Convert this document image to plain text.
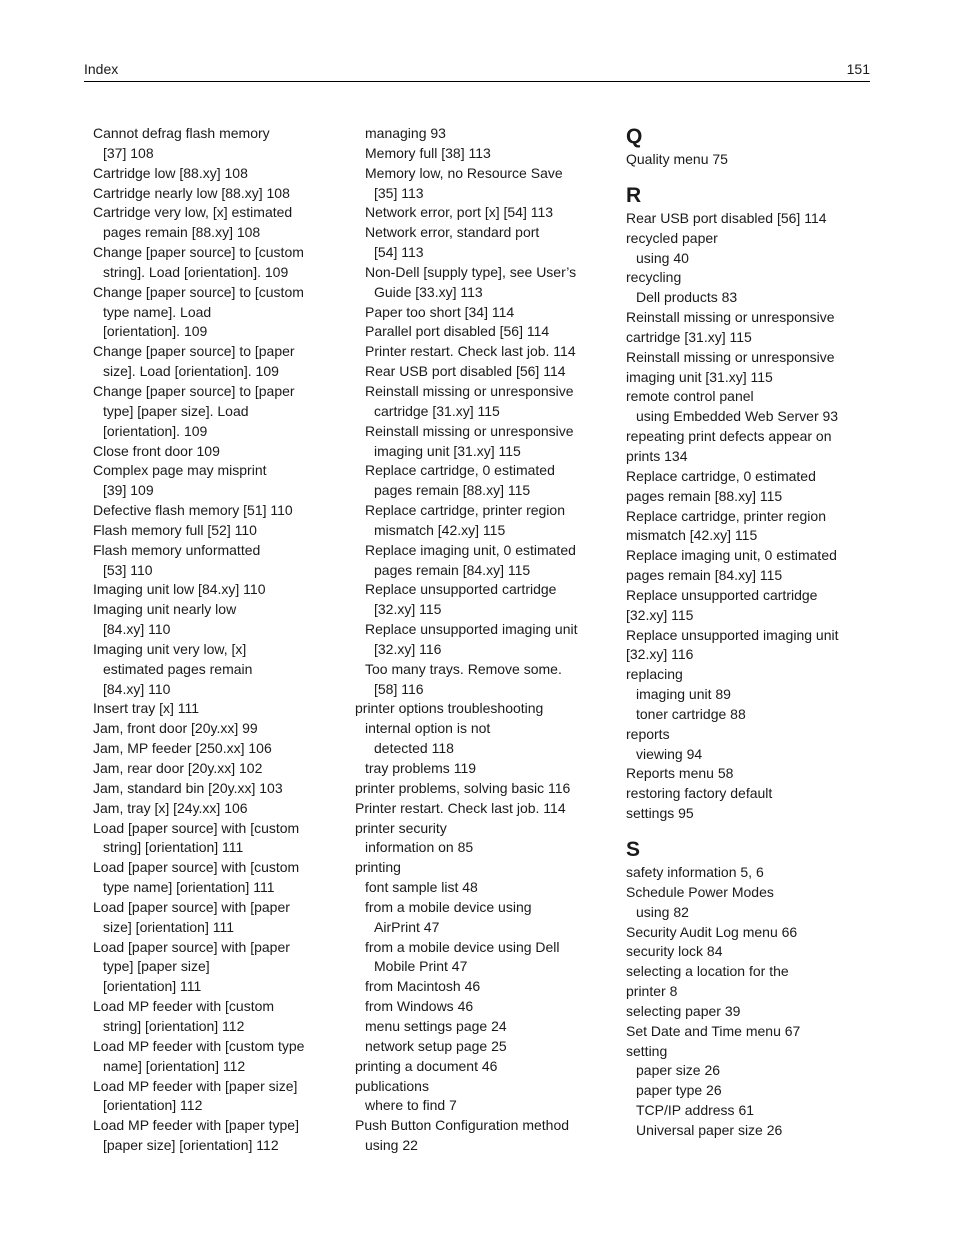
Index	151
Cannot defrag flash memory
[37] 108
Cartridge low [88.xy] 108
Cartridge nearly low [88.xy] 108
Cartridge very low, [x] estimated
pages remain [88.xy] 108
Change [paper source] to [custom
string]. Load [orientation]. 109
Change [paper source] to [custom
type name]. Load
[orientation]. 109
Change [paper source] to [paper
size]. Load [orientation]. 109
Change [paper source] to [paper
type] [paper size]. Load
[orientation]. 109
Close front door 109
Complex page may misprint
[39] 109
Defective flash memory [51] 110
Flash memory full [52] 110
Flash memory unformatted
[53] 110
Imaging unit low [84.xy] 110
Imaging unit nearly low
[84.xy] 110
Imaging unit very low, [x]
estimated pages remain
[84.xy] 110
Insert tray [x] 111
Jam, front door [20y.xx] 99
Jam, MP feeder [250.xx] 106
Jam, rear door [20y.xx] 102
Jam, standard bin [20y.xx] 103
Jam, tray [x] [24y.xx] 106
Load [paper source] with [custom
string] [orientation] 111
Load [paper source] with [custom
type name] [orientation] 111
Load [paper source] with [paper
size] [orientation] 111
Load [paper source] with [paper
type] [paper size]
[orientation] 111
Load MP feeder with [custom
string] [orientation] 112
Load MP feeder with [custom type
name] [orientation] 112
Load MP feeder with [paper size]
[orientation] 112
Load MP feeder with [paper type]
[paper size] [orientation] 112
managing 93
Memory full [38] 113
Memory low, no Resource Save
[35] 113
Network error, port [x] [54] 113
Network error, standard port
[54] 113
Non-Dell [supply type], see User’s
Guide [33.xy] 113
Paper too short [34] 114
Parallel port disabled [56] 114
Printer restart. Check last job. 114
Rear USB port disabled [56] 114
Reinstall missing or unresponsive
cartridge [31.xy] 115
Reinstall missing or unresponsive
imaging unit [31.xy] 115
Replace cartridge, 0 estimated
pages remain [88.xy] 115
Replace cartridge, printer region
mismatch [42.xy] 115
Replace imaging unit, 0 estimated
pages remain [84.xy] 115
Replace unsupported cartridge
[32.xy] 115
Replace unsupported imaging unit
[32.xy] 116
Too many trays. Remove some.
[58] 116
printer options troubleshooting
internal option is not
detected 118
tray problems 119
printer problems, solving basic 116
Printer restart. Check last job. 114
printer security
information on 85
printing
font sample list 48
from a mobile device using
AirPrint 47
from a mobile device using Dell
Mobile Print 47
from Macintosh 46
from Windows 46
menu settings page 24
network setup page 25
printing a document 46
publications
where to find 7
Push Button Configuration method
using 22
Q
Quality menu 75
R
Rear USB port disabled [56] 114
recycled paper
using 40
recycling
Dell products 83
Reinstall missing or unresponsive
cartridge [31.xy] 115
Reinstall missing or unresponsive
imaging unit [31.xy] 115
remote control panel
using Embedded Web Server 93
repeating print defects appear on
prints 134
Replace cartridge, 0 estimated
pages remain [88.xy] 115
Replace cartridge, printer region
mismatch [42.xy] 115
Replace imaging unit, 0 estimated
pages remain [84.xy] 115
Replace unsupported cartridge
[32.xy] 115
Replace unsupported imaging unit
[32.xy] 116
replacing
imaging unit 89
toner cartridge 88
reports
viewing 94
Reports menu 58
restoring factory default
settings 95
S
safety information 5, 6
Schedule Power Modes
using 82
Security Audit Log menu 66
security lock 84
selecting a location for the
printer 8
selecting paper 39
Set Date and Time menu 67
setting
paper size 26
paper type 26
TCP/IP address 61
Universal paper size 26
